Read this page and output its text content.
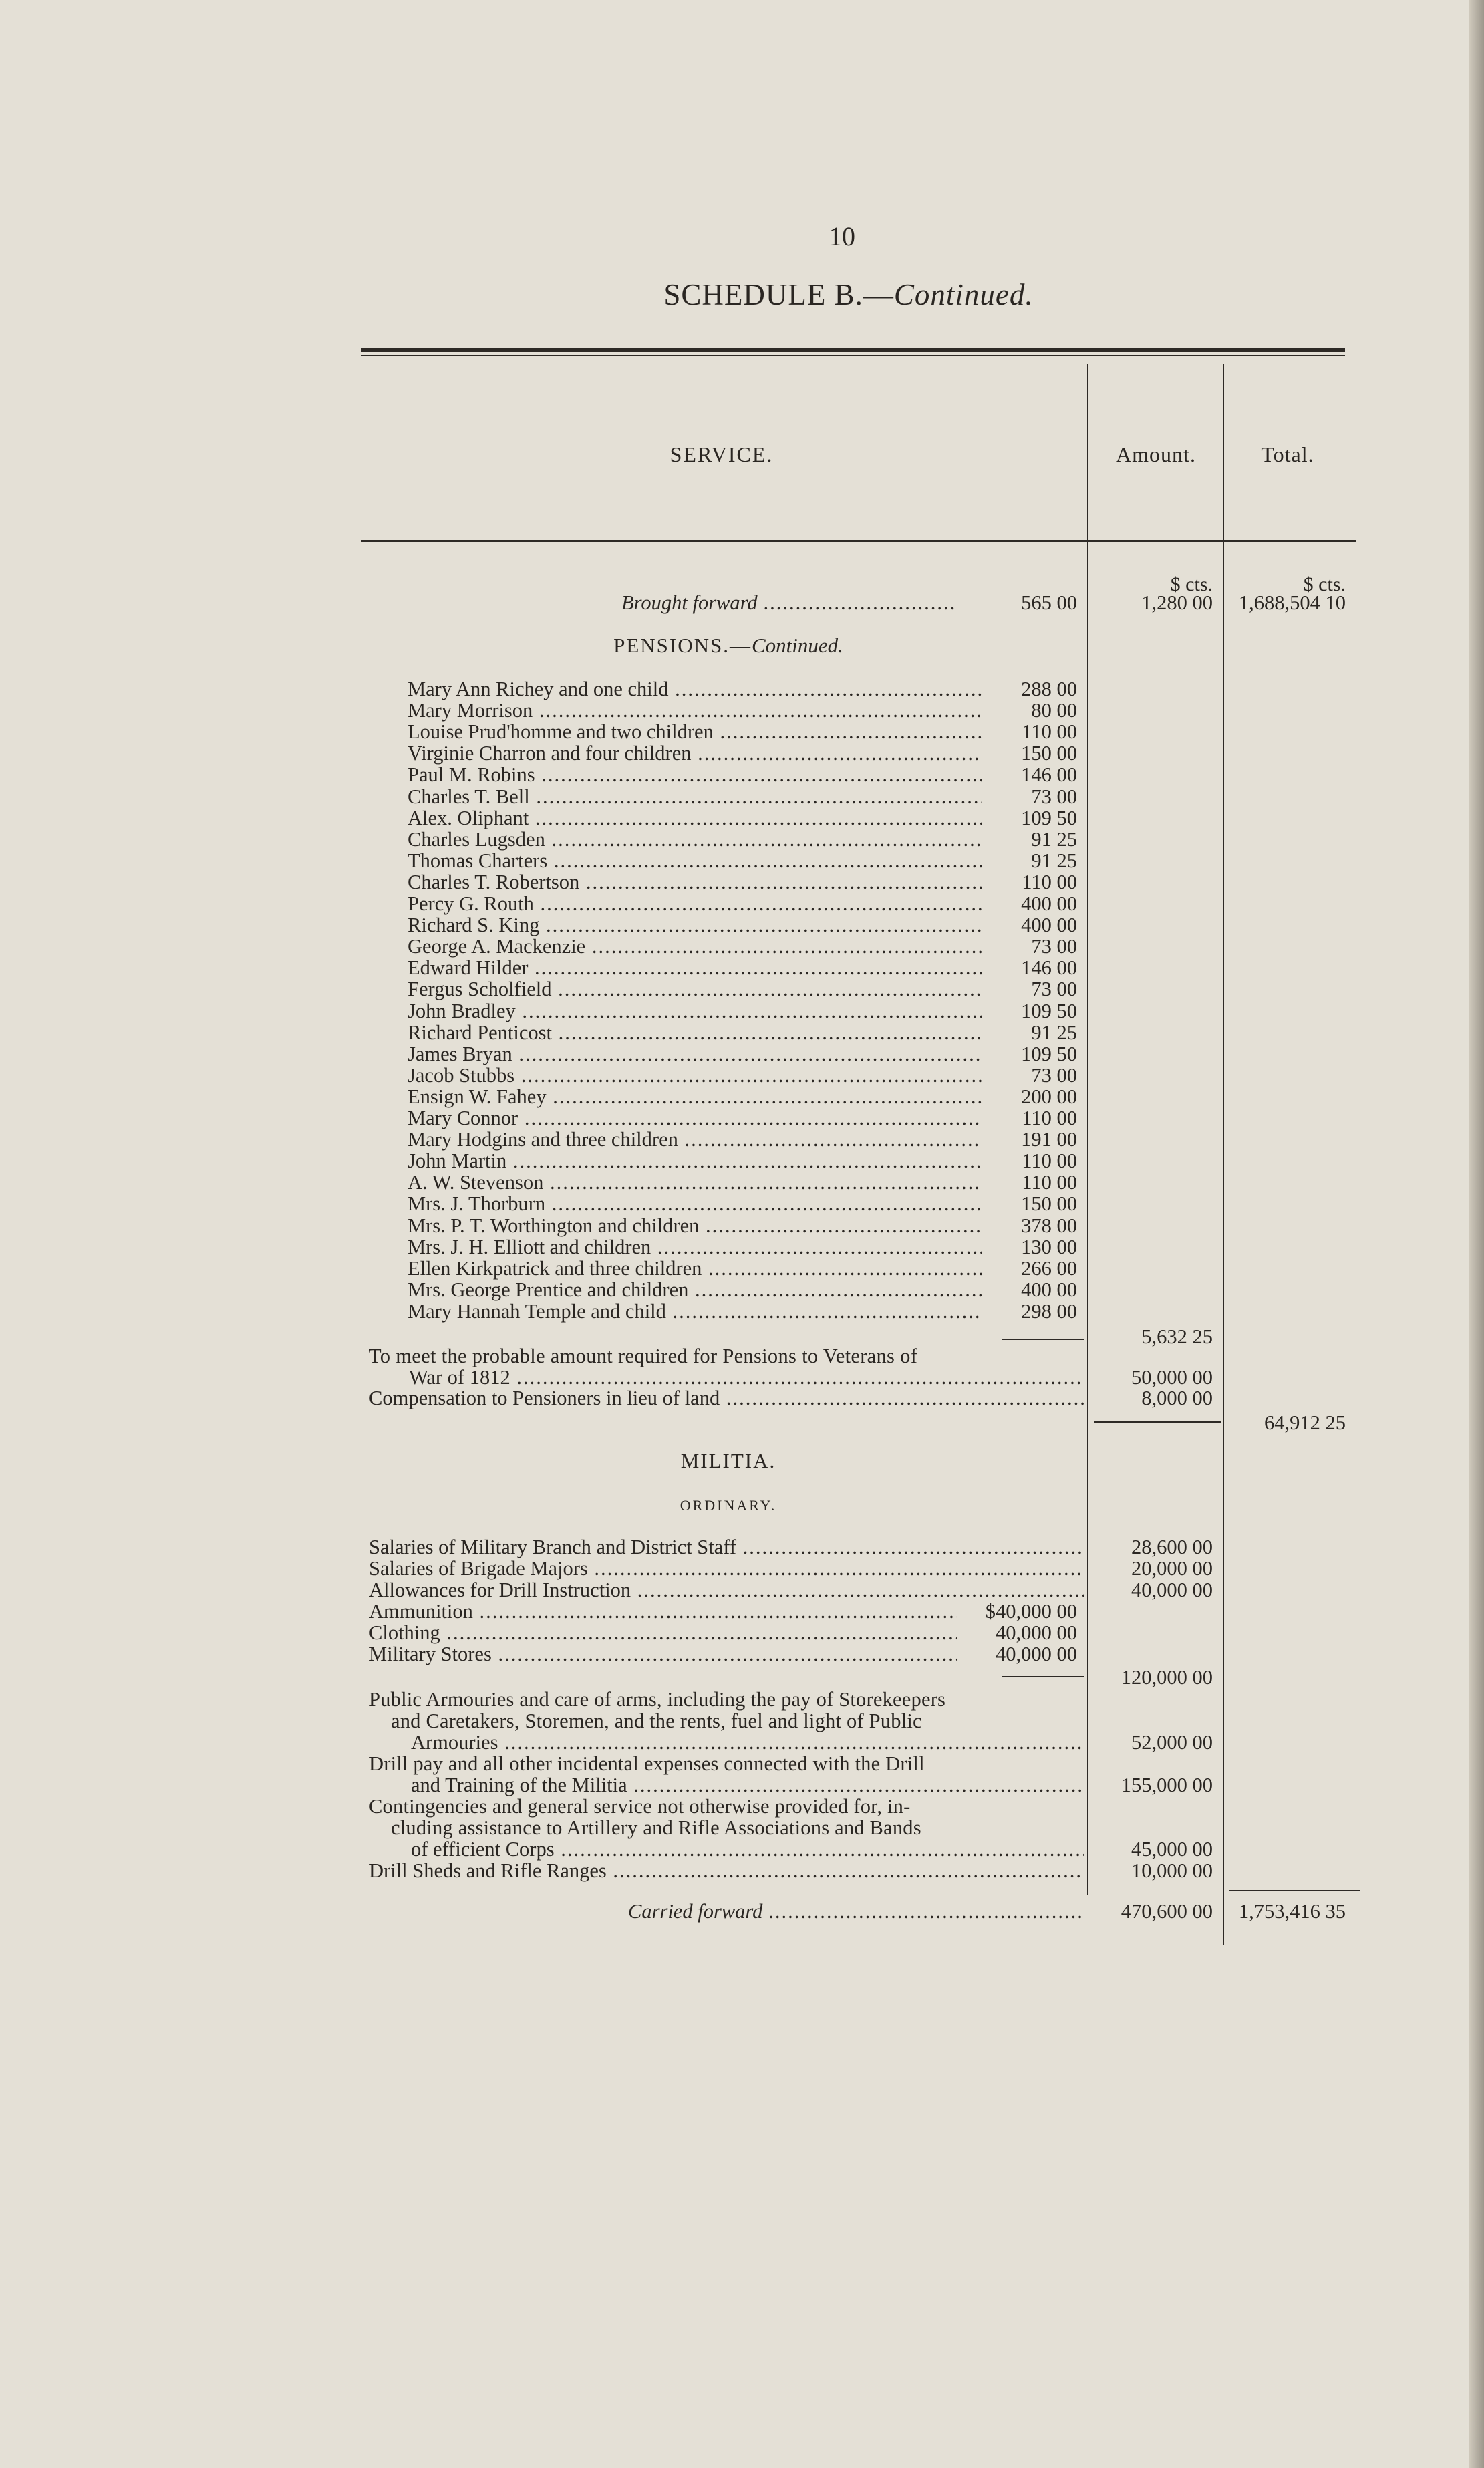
10
SCHEDULE B.—Continued.
SERVICE.	Amount.	Total.
$ cts.	$ cts.
Brought forward .....	565 00	1,280 00	1,688,504 10
PENSIONS.—Continued.
Mary Ann Richey and one child .....	288 00
Mary Morrison .....	80 00
Louise Prud'homme and two children .....	110 00
Virginie Charron and four children .....	150 00
Paul M. Robins .....	146 00
Charles T. Bell .....	73 00
Alex. Oliphant .....	109 50
Charles Lugsden .....	91 25
Thomas Charters .....	91 25
Charles T. Robertson .....	110 00
Percy G. Routh .....	400 00
Richard S. King .....	400 00
George A. Mackenzie .....	73 00
Edward Hilder .....	146 00
Fergus Scholfield .....	73 00
John Bradley .....	109 50
Richard Penticost .....	91 25
James Bryan .....	109 50
Jacob Stubbs .....	73 00
Ensign W. Fahey .....	200 00
Mary Connor .....	110 00
Mary Hodgins and three children .....	191 00
John Martin .....	110 00
A. W. Stevenson .....	110 00
Mrs. J. Thorburn .....	150 00
Mrs. P. T. Worthington and children .....	378 00
Mrs. J. H. Elliott and children .....	130 00
Ellen Kirkpatrick and three children .....	266 00
Mrs. George Prentice and children .....	400 00
Mary Hannah Temple and child .....	298 00
5,632 25
To meet the probable amount required for Pensions to Veterans of
War of 1812 .....	50,000 00
Compensation to Pensioners in lieu of land .....	8,000 00
64,912 25
MILITIA.
ORDINARY.
Salaries of Military Branch and District Staff .....	28,600 00
Salaries of Brigade Majors .....	20,000 00
Allowances for Drill Instruction .....	40,000 00
Ammunition .....	$40,000 00
Clothing .....	40,000 00
Military Stores .....	40,000 00
120,000 00
Public Armouries and care of arms, including the pay of Storekeepers
and Caretakers, Storemen, and the rents, fuel and light of Public
Armouries .....	52,000 00
Drill pay and all other incidental expenses connected with the Drill
and Training of the Militia .....	155,000 00
Contingencies and general service not otherwise provided for, in-
cluding assistance to Artillery and Rifle Associations and Bands
of efficient Corps .....	45,000 00
Drill Sheds and Rifle Ranges .....	10,000 00
Carried forward .....	470,600 00	1,753,416 35
